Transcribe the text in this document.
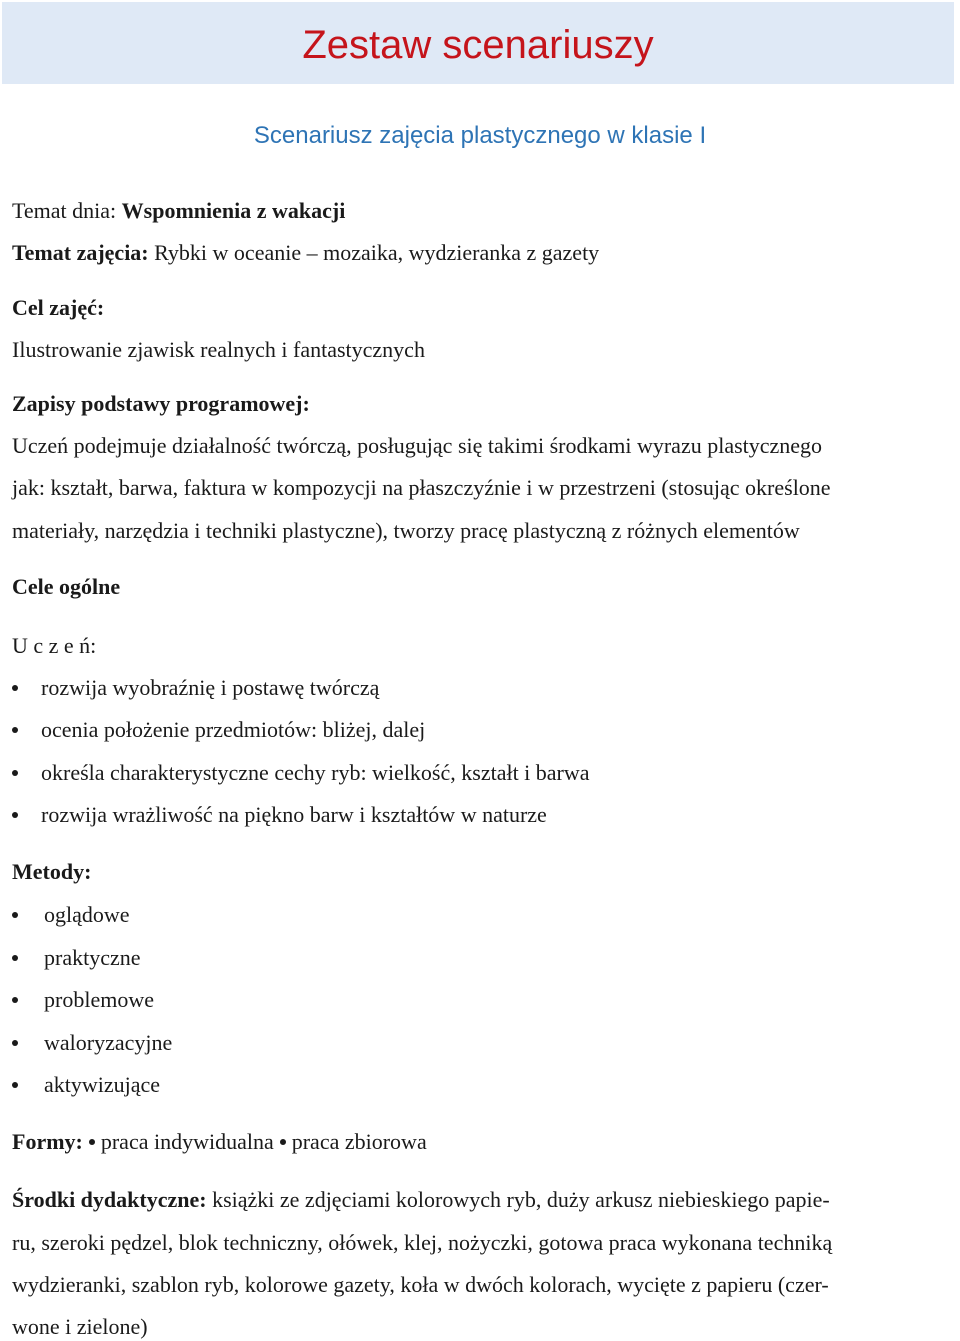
Zestaw scenariuszy
Scenariusz zajęcia plastycznego w klasie I
Temat dnia: Wspomnienia z wakacji
Temat zajęcia: Rybki w oceanie – mozaika, wydzieranka z gazety
Cel zajęć:
Ilustrowanie zjawisk realnych i fantastycznych
Zapisy podstawy programowej:
Uczeń podejmuje działalność twórczą, posługując się takimi środkami wyrazu plastycznego
jak: kształt, barwa, faktura w kompozycji na płaszczyźnie i w przestrzeni (stosując określone
materiały, narzędzia i techniki plastyczne), tworzy pracę plastyczną z różnych elementów
Cele ogólne
U c z e ń:
rozwija wyobraźnię i postawę twórczą
ocenia położenie przedmiotów: bliżej, dalej
określa charakterystyczne cechy ryb: wielkość, kształt i barwa
rozwija wrażliwość na piękno barw i kształtów w naturze
Metody:
oglądowe
praktyczne
problemowe
waloryzacyjne
aktywizujące
Formy: praca indywidualna praca zbiorowa
Środki dydaktyczne: książki ze zdjęciami kolorowych ryb, duży arkusz niebieskiego papie-
ru, szeroki pędzel, blok techniczny, ołówek, klej, nożyczki, gotowa praca wykonana techniką
wydzieranki, szablon ryb, kolorowe gazety, koła w dwóch kolorach, wycięte z papieru (czer-
wone i zielone)
